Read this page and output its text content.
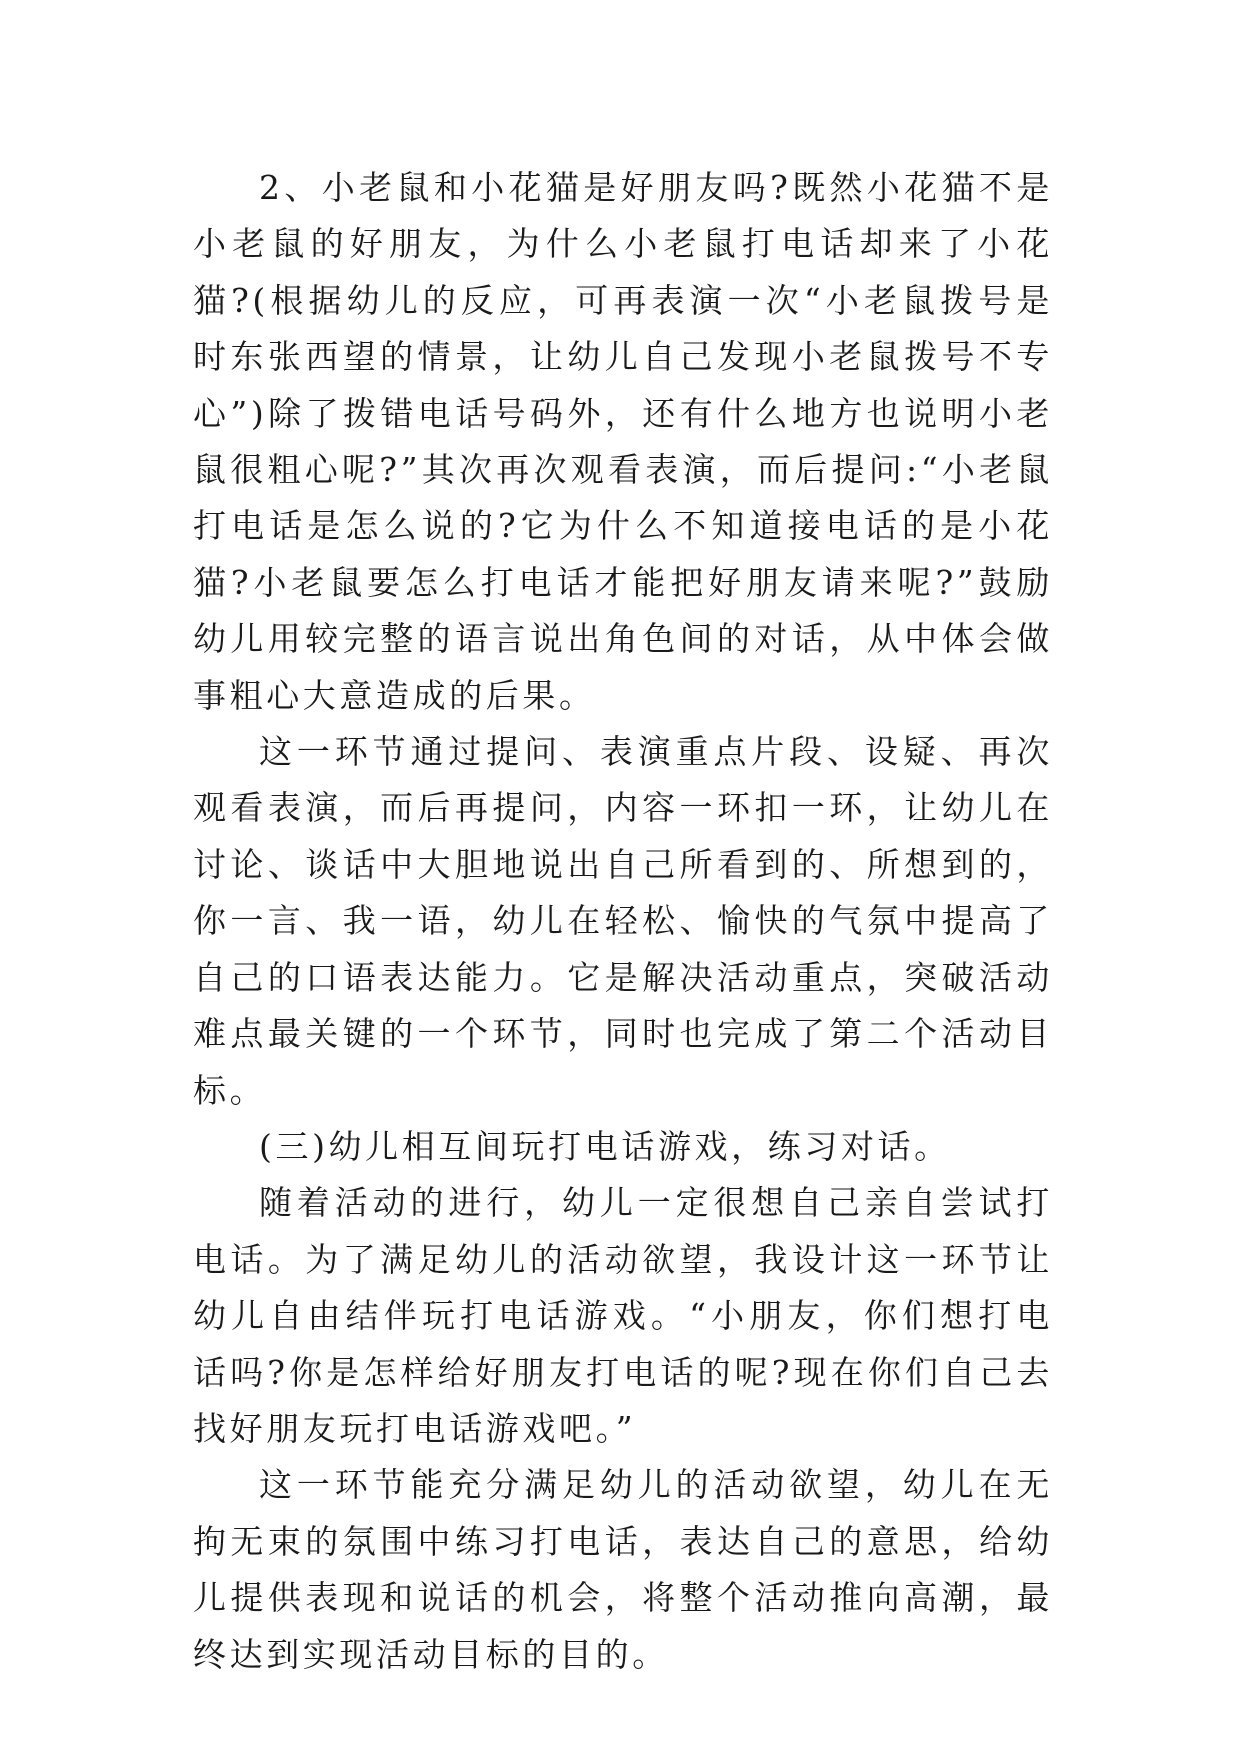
2、小老鼠和小花猫是好朋友吗?既然小花猫不是小老鼠的好朋友，为什么小老鼠打电话却来了小花猫?(根据幼儿的反应，可再表演一次“小老鼠拨号是时东张西望的情景，让幼儿自己发现小老鼠拨号不专心”)除了拨错电话号码外，还有什么地方也说明小老鼠很粗心呢?”其次再次观看表演，而后提问:“小老鼠打电话是怎么说的?它为什么不知道接电话的是小花猫?小老鼠要怎么打电话才能把好朋友请来呢?”鼓励幼儿用较完整的语言说出角色间的对话，从中体会做事粗心大意造成的后果。

这一环节通过提问、表演重点片段、设疑、再次观看表演，而后再提问，内容一环扣一环，让幼儿在讨论、谈话中大胆地说出自己所看到的、所想到的，你一言、我一语，幼儿在轻松、愉快的气氛中提高了自己的口语表达能力。它是解决活动重点，突破活动难点最关键的一个环节，同时也完成了第二个活动目标。

(三)幼儿相互间玩打电话游戏，练习对话。

随着活动的进行，幼儿一定很想自己亲自尝试打电话。为了满足幼儿的活动欲望，我设计这一环节让幼儿自由结伴玩打电话游戏。“小朋友，你们想打电话吗?你是怎样给好朋友打电话的呢?现在你们自己去找好朋友玩打电话游戏吧。”

这一环节能充分满足幼儿的活动欲望，幼儿在无拘无束的氛围中练习打电话，表达自己的意思，给幼儿提供表现和说话的机会，将整个活动推向高潮，最终达到实现活动目标的目的。
